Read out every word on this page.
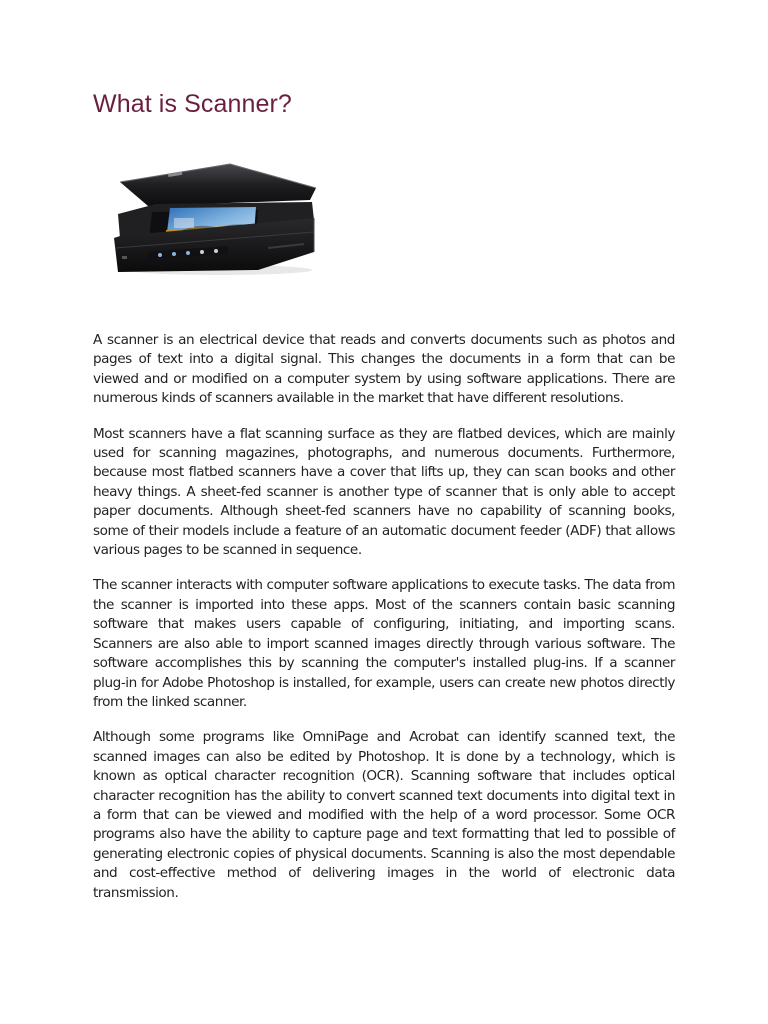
What is Scanner?

A scanner is an electrical device that reads and converts documents such as photos and pages of text into a digital signal. This changes the documents in a form that can be viewed and or modified on a computer system by using software applications. There are numerous kinds of scanners available in the market that have different resolutions.

Most scanners have a flat scanning surface as they are flatbed devices, which are mainly used for scanning magazines, photographs, and numerous documents. Furthermore, because most flatbed scanners have a cover that lifts up, they can scan books and other heavy things. A sheet-fed scanner is another type of scanner that is only able to accept paper documents. Although sheet-fed scanners have no capability of scanning books, some of their models include a feature of an automatic document feeder (ADF) that allows various pages to be scanned in sequence.

The scanner interacts with computer software applications to execute tasks. The data from the scanner is imported into these apps. Most of the scanners contain basic scanning software that makes users capable of configuring, initiating, and importing scans. Scanners are also able to import scanned images directly through various software. The software accomplishes this by scanning the computer's installed plug-ins. If a scanner plug-in for Adobe Photoshop is installed, for example, users can create new photos directly from the linked scanner.

Although some programs like OmniPage and Acrobat can identify scanned text, the scanned images can also be edited by Photoshop. It is done by a technology, which is known as optical character recognition (OCR). Scanning software that includes optical character recognition has the ability to convert scanned text documents into digital text in a form that can be viewed and modified with the help of a word processor. Some OCR programs also have the ability to capture page and text formatting that led to possible of generating electronic copies of physical documents. Scanning is also the most dependable and cost-effective method of delivering images in the world of electronic data transmission.
